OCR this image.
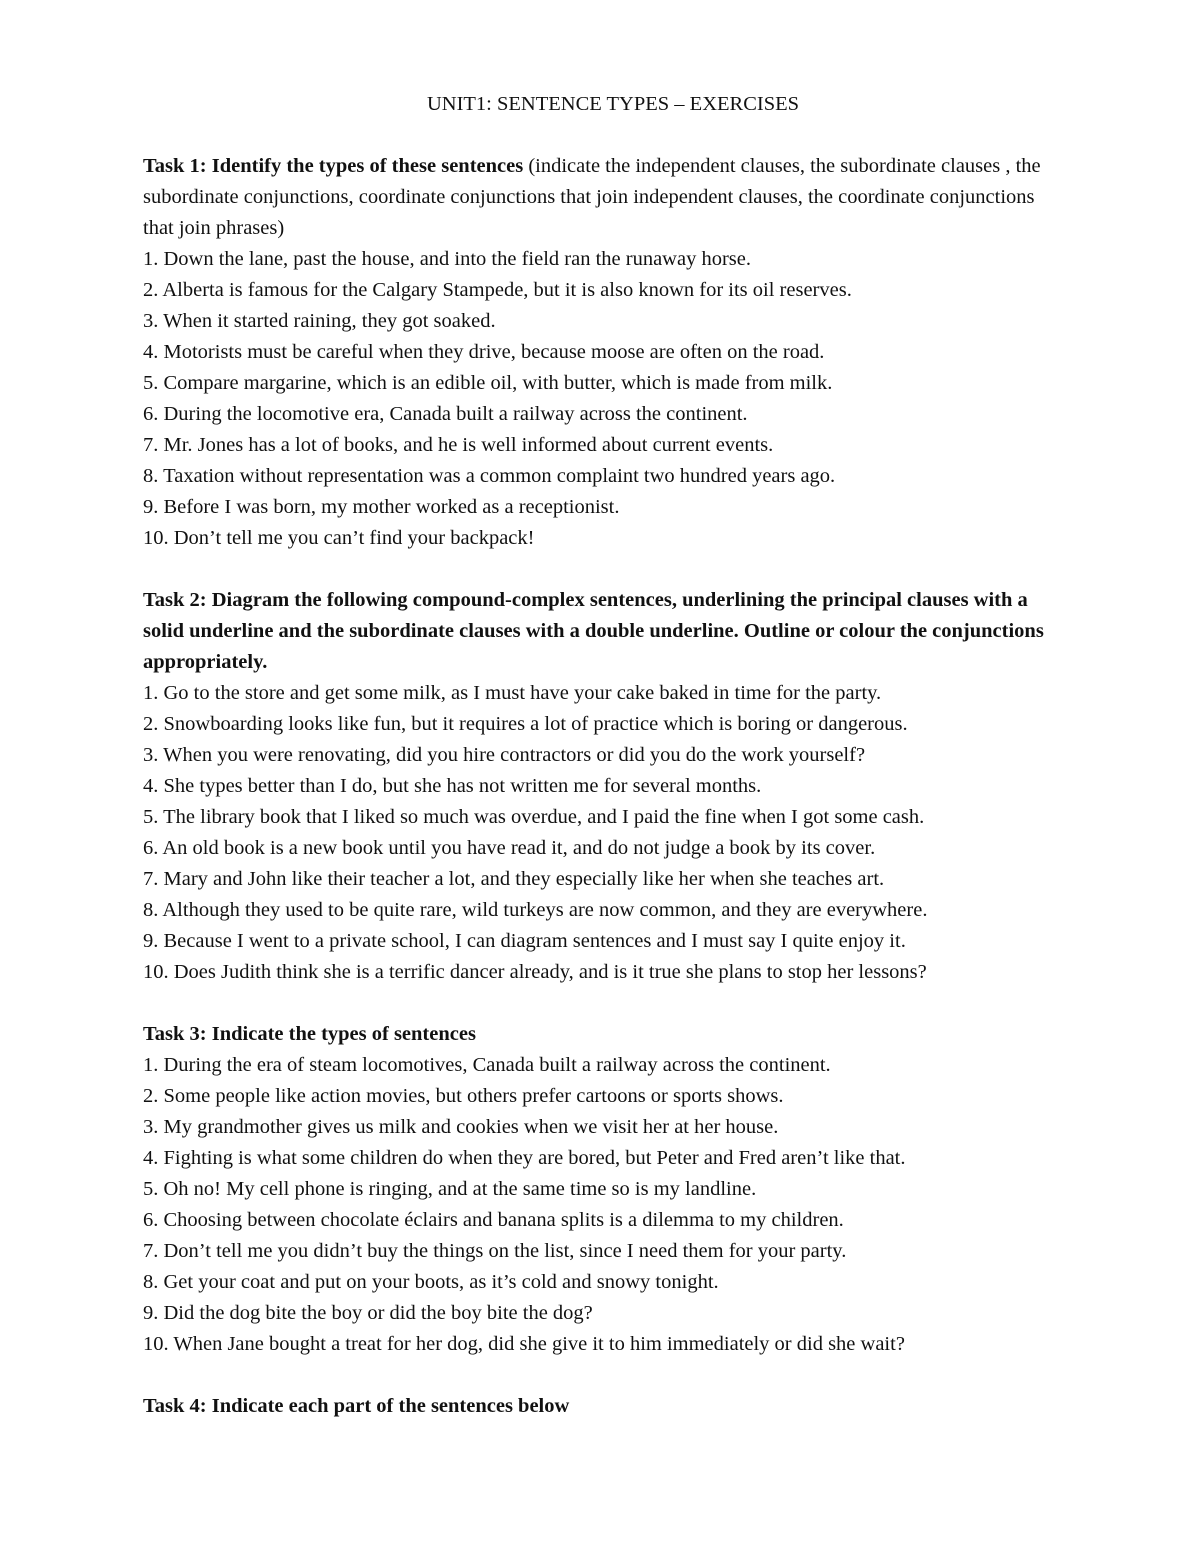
UNIT1: SENTENCE TYPES – EXERCISES

Task 1: Identify the types of these sentences (indicate the independent clauses, the subordinate clauses , the subordinate conjunctions, coordinate conjunctions that join independent clauses, the coordinate conjunctions that join phrases)

1. Down the lane, past the house, and into the field ran the runaway horse.
2. Alberta is famous for the Calgary Stampede, but it is also known for its oil reserves.
3. When it started raining, they got soaked.
4. Motorists must be careful when they drive, because moose are often on the road.
5. Compare margarine, which is an edible oil, with butter, which is made from milk.
6. During the locomotive era, Canada built a railway across the continent.
7. Mr. Jones has a lot of books, and he is well informed about current events.
8. Taxation without representation was a common complaint two hundred years ago.
9. Before I was born, my mother worked as a receptionist.
10. Don’t tell me you can’t find your backpack!

Task 2: Diagram the following compound-complex sentences, underlining the principal clauses with a solid underline and the subordinate clauses with a double underline. Outline or colour the conjunctions appropriately.

1. Go to the store and get some milk, as I must have your cake baked in time for the party.
2. Snowboarding looks like fun, but it requires a lot of practice which is boring or dangerous.
3. When you were renovating, did you hire contractors or did you do the work yourself?
4. She types better than I do, but she has not written me for several months.
5. The library book that I liked so much was overdue, and I paid the fine when I got some cash.
6. An old book is a new book until you have read it, and do not judge a book by its cover.
7. Mary and John like their teacher a lot, and they especially like her when she teaches art.
8. Although they used to be quite rare, wild turkeys are now common, and they are everywhere.
9. Because I went to a private school, I can diagram sentences and I must say I quite enjoy it.
10. Does Judith think she is a terrific dancer already, and is it true she plans to stop her lessons?

Task 3: Indicate the types of sentences

1. During the era of steam locomotives, Canada built a railway across the continent.
2. Some people like action movies, but others prefer cartoons or sports shows.
3. My grandmother gives us milk and cookies when we visit her at her house.
4. Fighting is what some children do when they are bored, but Peter and Fred aren’t like that.
5. Oh no! My cell phone is ringing, and at the same time so is my landline.
6. Choosing between chocolate éclairs and banana splits is a dilemma to my children.
7. Don’t tell me you didn’t buy the things on the list, since I need them for your party.
8. Get your coat and put on your boots, as it’s cold and snowy tonight.
9. Did the dog bite the boy or did the boy bite the dog?
10. When Jane bought a treat for her dog, did she give it to him immediately or did she wait?

Task 4: Indicate each part of the sentences below
